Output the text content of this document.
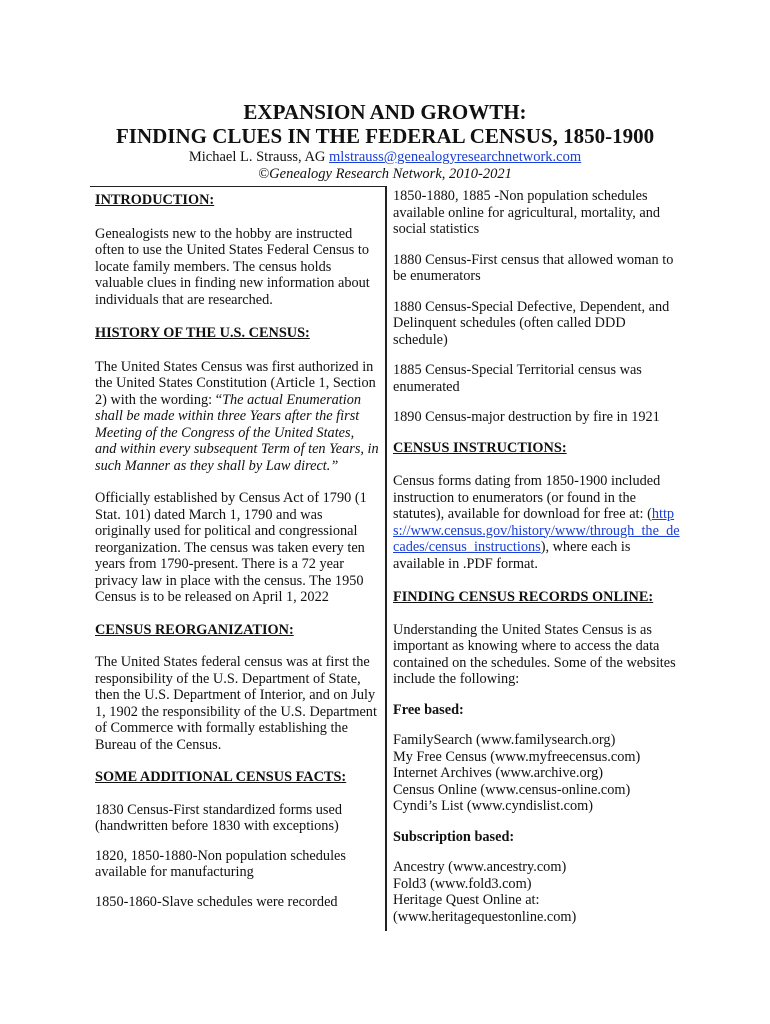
EXPANSION AND GROWTH:
FINDING CLUES IN THE FEDERAL CENSUS, 1850-1900
Michael L. Strauss, AG mlstrauss@genealogyresearchnetwork.com
©Genealogy Research Network, 2010-2021

INTRODUCTION:

Genealogists new to the hobby are instructed often to use the United States Federal Census to locate family members. The census holds valuable clues in finding new information about individuals that are researched.

HISTORY OF THE U.S. CENSUS:

The United States Census was first authorized in the United States Constitution (Article 1, Section 2) with the wording: “The actual Enumeration shall be made within three Years after the first Meeting of the Congress of the United States, and within every subsequent Term of ten Years, in such Manner as they shall by Law direct.”

Officially established by Census Act of 1790 (1 Stat. 101) dated March 1, 1790 and was originally used for political and congressional reorganization. The census was taken every ten years from 1790-present. There is a 72 year privacy law in place with the census. The 1950 Census is to be released on April 1, 2022

CENSUS REORGANIZATION:

The United States federal census was at first the responsibility of the U.S. Department of State, then the U.S. Department of Interior, and on July 1, 1902 the responsibility of the U.S. Department of Commerce with formally establishing the Bureau of the Census.

SOME ADDITIONAL CENSUS FACTS:

1830 Census-First standardized forms used (handwritten before 1830 with exceptions)

1820, 1850-1880-Non population schedules available for manufacturing

1850-1860-Slave schedules were recorded

1850-1880, 1885 -Non population schedules available online for agricultural, mortality, and social statistics

1880 Census-First census that allowed woman to be enumerators

1880 Census-Special Defective, Dependent, and Delinquent schedules (often called DDD schedule)

1885 Census-Special Territorial census was enumerated

1890 Census-major destruction by fire in 1921

CENSUS INSTRUCTIONS:

Census forms dating from 1850-1900 included instruction to enumerators (or found in the statutes), available for download for free at: (https://www.census.gov/history/www/through_the_decades/census_instructions), where each is available in .PDF format.

FINDING CENSUS RECORDS ONLINE:

Understanding the United States Census is as important as knowing where to access the data contained on the schedules. Some of the websites include the following:

Free based:

FamilySearch (www.familysearch.org)
My Free Census (www.myfreecensus.com)
Internet Archives (www.archive.org)
Census Online (www.census-online.com)
Cyndi’s List (www.cyndislist.com)

Subscription based:

Ancestry (www.ancestry.com)
Fold3 (www.fold3.com)
Heritage Quest Online at:
(www.heritagequestonline.com)
